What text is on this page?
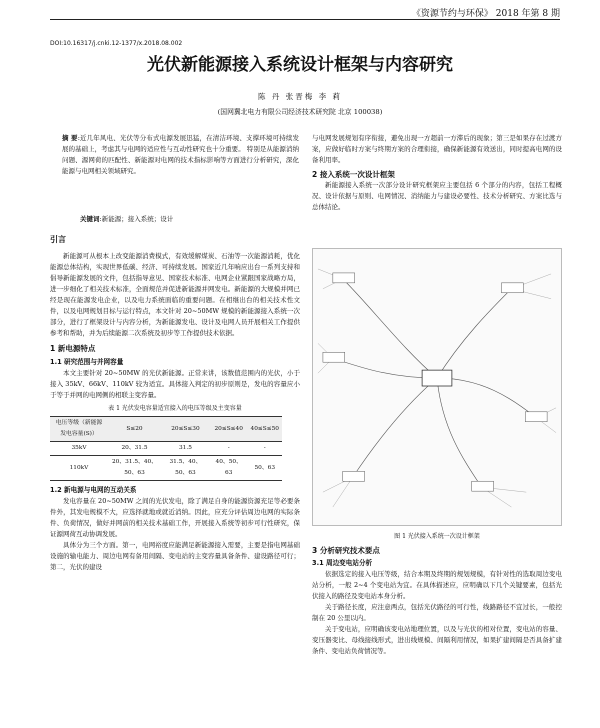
《资源节约与环保》 2018 年第 8 期
DOI:10.16317/j.cnki.12-1377/x.2018.08.002
光伏新能源接入系统设计框架与内容研究
陈 丹 张晋梅 李 莉
(国网冀北电力有限公司经济技术研究院 北京 100038)
摘 要:近几年风电、光伏等分布式电源发展迅猛，在清洁环境、支撑环境可持续发展的基础上，考虑其与电网的适应性与互动性研究也十分重要。 特别是从能源消纳问题、源网荷的匹配性、新能源对电网的技术指标影响等方面进行分析研究，深化能源与电网相关领域研究。
关键词:新能源；接入系统；设计
引言

新能源可从根本上改变能源消费模式，有效缓解煤炭、石油等一次能源消耗，优化能源总体结构，实现世界低碳、经济、可持续发展。国家近几年响应出台一系列支持和倡导新能源发展的文件，包括指导意见、国家技术标准、电网企业紧跟国家战略方局，进一步细化了相关技术标准，全面规范并促进新能源并网发电。新能源的大规模并网已经是现在能源发电企业，以及电力系统面临的重要问题。在相继出台的相关技术性文件，以及电网规划目标与运行特点，本文针对 20~50MW 规模的新能源接入系统一次部分，进行了框架设计与内容分析，为新能源发电、设计及电网人员开展相关工作提供参考和帮助，并为后续能源二次系统及初步等工作提供技术依据。

1 新电源特点
1.1 研究范围与并网容量

本文主要针对 20~50MW 的光伏新能源。正常来讲，该数值范围内的光伏，小于接入 35kV、66kV、110kV 较为适宜。具体接入判定的初步原则是，发电的容量应小于等于并网的电网侧的相联主变容量。

表 1 光伏发电容量适宜接入的电压等级及主变容量
电压等级（新能源发电容量(S)）	S≤20	20≤S≤30	20≤S≤40	40≤S≤50
35kV	20、31.5	31.5	-	-
110kV	20、31.5、40、50、63	31.5、40、50、63	40、50、63	50、63
1.2 新电源与电网的互动关系

发电容量在 20~50MW 之间的光伏发电，除了满足自身的能源资源充足等必要条件外，其发电规模不大，应选择就地或就近消纳。因此，应充分评估周边电网的实际条件、负荷情况，做好并网前的相关技术基础工作，开展接入系统等初步可行性研究，保证源网荷互动协调发展。

具体分为三个方面。第一，电网裕度应能满足新能源接入需要，主要是指电网基础设施的输电能力、周边电网有备用间隔、变电站的主变容量具备条件、建设路径可行；第二，光伏的建设

与电网发展规划有序衔接，避免出现一方超前一方滞后的现象；第三是如果存在过渡方案，应做好临时方案与终期方案的合理衔接，确保新能源有效送出，同时提高电网的设备利用率。

2 接入系统一次设计框架

新能源接入系统一次部分设计研究框架应主要包括 6 个部分的内容，包括工程概况、设计依据与原则、电网情况、消纳能力与建设必要性、技术分析研究、方案比选与总体结论。

图 1 光伏接入系统一次设计框架
3 分析研究技术要点
3.1 周边变电站分析

依据选定的接入电压等级，结合本期及终期的规划规模，有针对性的选取周边变电站分析，一般 2~4 个变电站为宜。在具体描述应，应明确以下几个关键要素，包括光伏接入的路径及变电站本身分析。

关于路径长度，应注意两点，包括光伏路径的可行性，线路路径不宜过长，一般控制在 20 公里以内。

关于变电站，应明确该变电站地理位置，以及与光伏的相对位置，变电站的容量、变压器变比、母线接线形式，进出线规模、间隔利用情况，如果扩建间隔是否具备扩建条件、变电站负荷情况等。
